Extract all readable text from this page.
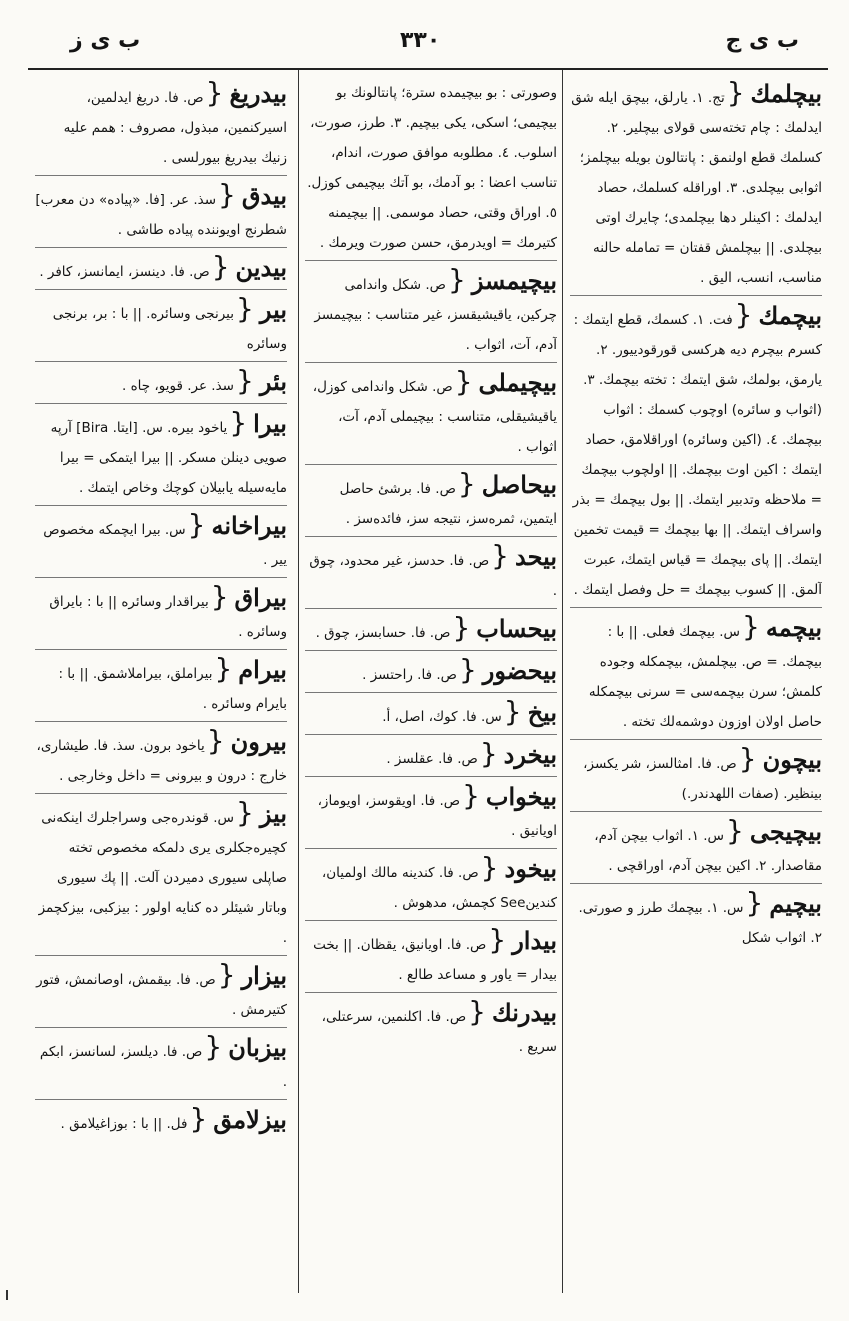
ب ى ج
٣٣٠
ب ى ز
بيچلمك{تج. ١. يارلق، بيچق ايله شق ايدلمك : چام تخته‌سى قولاى بيچلير. ٢. كسلمك قطع اولنمق : پانتالون بويله بيچلمز؛ اثوابى بيچلدى. ٣. اوراقله كسلمك، حصاد ايدلمك : اكينلر دها بيچلمدى؛ چايرك اوتى بيچلدى. || بيچلمش قفتان = تمامله حالنه مناسب، انسب، اليق .
بيچمك{فت. ١. كسمك، قطع ايتمك : كسرم بيچرم ديه هركسى قورقودييور. ٢. يارمق، بولمك، شق ايتمك : تخته بيچمك. ٣. (اثواب و سائره) اوچوب كسمك : اثواب بيچمك. ٤. (اكين وسائره) اوراقلامق، حصاد ايتمك : اكين اوت بيچمك. || اولچوب بيچمك = ملاحظه وتدبير ايتمك. || بول بيچمك = بذر واسراف ايتمك. || بها بيچمك = قيمت تخمين ايتمك. || پاى بيچمك = قياس ايتمك، عبرت آلمق. || كسوب بيچمك = حل وفصل ايتمك .
بيچمه{س. بيچمك فعلى. || با : بيچمك. = ص. بيچلمش، بيچمكله وجوده كلمش؛ سرن بيچمه‌سى = سرنى بيچمكله حاصل اولان اوزون دوشمه‌لك تخته .
بيچون{ص. فا. امثالسز، شر يكسز، بينظير. (صفات اللهدندر.)
بيچيجى{س. ١. اثواب بيچن آدم، مقاصدار. ٢. اكين بيچن آدم، اوراقچى .
بيچيم{س. ١. بيچمك طرز و صورتى. ٢. اثواب شكل
وصورتى : بو بيچيمده سترة؛ پانتالونك بو بيچيمى؛ اسكى، يكى بيچيم. ٣. طرز، صورت، اسلوب. ٤. مطلوبه موافق صورت، اندام، تناسب اعضا : بو آدمك، بو آتك بيچيمى كوزل. ٥. اوراق وقتى، حصاد موسمى. || بيچيمنه كتيرمك = اويدرمق، حسن صورت ويرمك .
بيچيمسز{ص. شكل واندامى چركين، ياقيشيقسز، غير متناسب : بيچيمسز آدم، آت، اثواب .
بيچيملى{ص. شكل واندامى كوزل، ياقيشيقلى، متناسب : بيچيملى آدم، آت، اثواب .
بيحاصل{ص. فا. برشئ حاصل ايتمين، ثمره‌سز، نتيجه سز، فائده‌سز .
بيحد{ص. فا. حدسز، غير محدود، چوق .
بيحساب{ص. فا. حسابسز، چوق .
بيحضور{ص. فا. راحتسز .
بيخ{س. فا. كوك، اصل، أ.
بيخرد{ص. فا. عقلسز .
بيخواب{ص. فا. اويقوسز، اويوماز، اويانيق .
بيخود{ص. فا. كندينه مالك اولميان، كندينSee كچمش، مدهوش .
بيدار{ص. فا. اويانيق، يقظان. || بخت بيدار = ياور و مساعد طالع .
بيدرنك{ص. فا. اكلنمين، سرعتلى، سريع .
بيدريغ{ص. فا. دريغ ايدلمين، اسيركنمين، مبذول، مصروف : همم عليه‌ زنيك بيدريغ بيورلسى .
بيدق{سذ. عر. [فا. «پياده» دن معرب] شطرنج اويوننده پياده طاشى .
بيدين{ص. فا. دينسز، ايمانسز، كافر .
بير{بيرنجى وسائره. || با : بر، برنجى وسائره
بئر{سذ. عر. قويو، چاه .
بيرا{ياخود بيره. س. [ايتا. Bira] آرپه صويى دينلن مسكر. || بيرا ايتمكى = بيرا مايه‌سيله يابيلان كوچك وخاص ايتمك .
بيراخانه{س. بيرا ايچمكه مخصوص يير .
بيراق{بيراقدار وسائره || با : بايراق وسائره .
بيرام{بيراملق، بيراملاشمق. || با : بايرام وسائره .
بيرون{ياخود برون. سذ. فا. طيشارى، خارج : درون و بيرونى = داخل وخارجى .
بيز{س. قوندره‌جى وسراجلرك اينكه‌نى كچيره‌جكلرى يرى دلمكه مخصوص تخته صاپلى سيورى دميردن آلت. || پك سيورى وباتار شيئلر ده كنايه اولور : بيزكبى، بيزكچمز .
بيزار{ص. فا. بيقمش، اوصانمش، فتور كتيرمش .
بيزبان{ص. فا. ديلسز، لسانسز، ابكم .
بيزلامق{فل. || با : بوزاغيلامق .
